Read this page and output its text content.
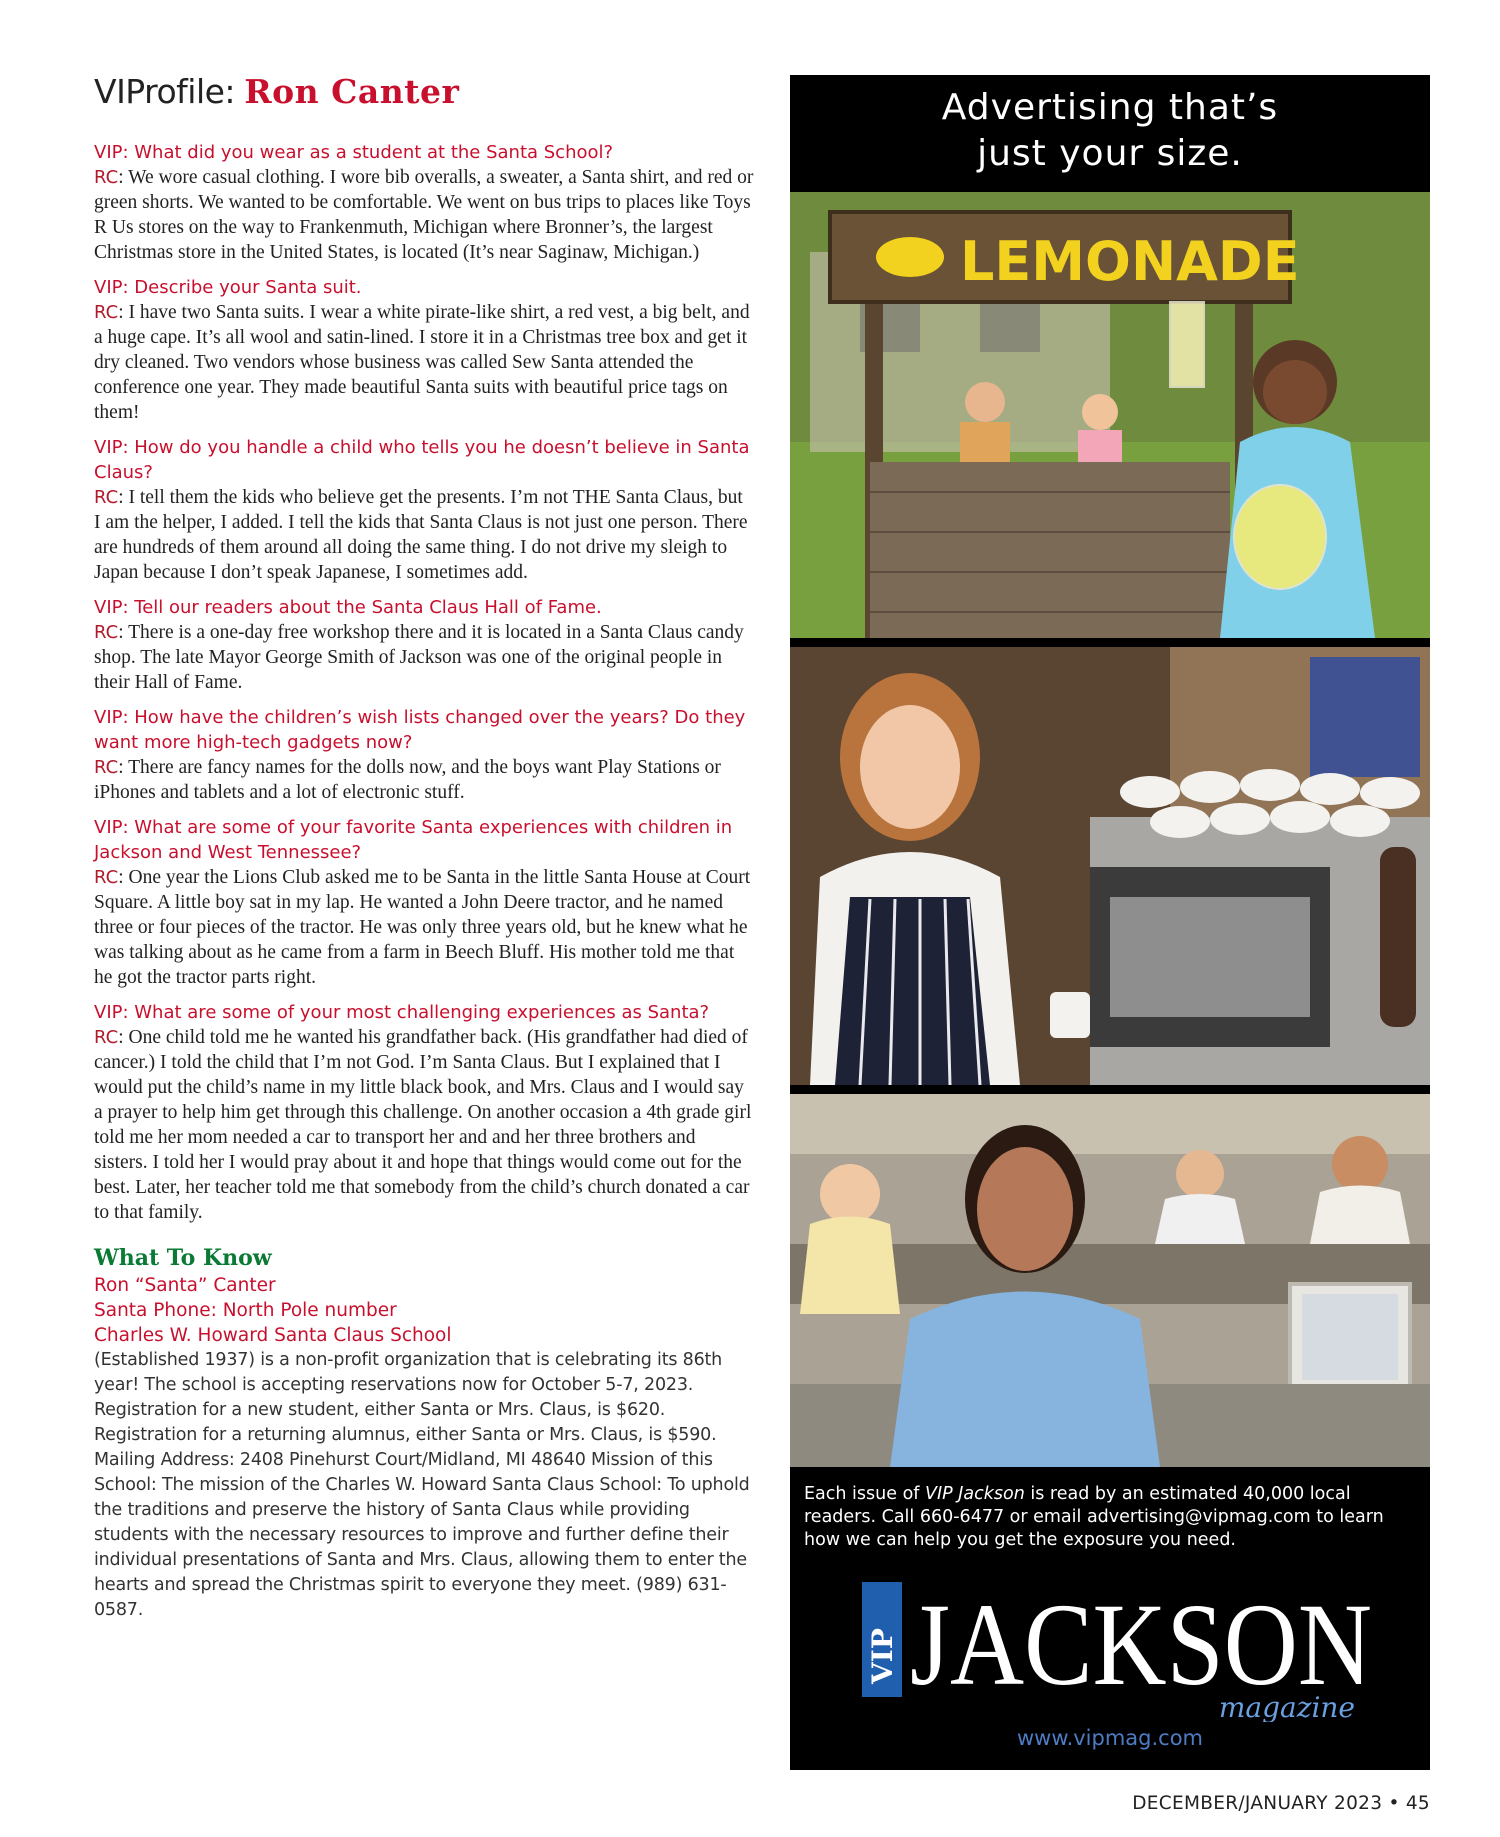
VIProfile: Ron Canter

VIP: What did you wear as a student at the Santa School?

RC: We wore casual clothing. I wore bib overalls, a sweater, a Santa shirt, and red or green shorts. We wanted to be comfortable. We went on bus trips to places like Toys R Us stores on the way to Frankenmuth, Michigan where Bronner’s, the largest Christmas store in the United States, is located (It’s near Saginaw, Michigan.)

VIP: Describe your Santa suit.

RC: I have two Santa suits. I wear a white pirate-like shirt, a red vest, a big belt, and a huge cape. It’s all wool and satin-lined. I store it in a Christmas tree box and get it dry cleaned. Two vendors whose business was called Sew Santa attended the conference one year. They made beautiful Santa suits with beautiful price tags on them!

VIP: How do you handle a child who tells you he doesn’t believe in Santa Claus?

RC: I tell them the kids who believe get the presents. I’m not THE Santa Claus, but I am the helper, I added. I tell the kids that Santa Claus is not just one person. There are hundreds of them around all doing the same thing. I do not drive my sleigh to Japan because I don’t speak Japanese, I sometimes add.

VIP: Tell our readers about the Santa Claus Hall of Fame.

RC: There is a one-day free workshop there and it is located in a Santa Claus candy shop. The late Mayor George Smith of Jackson was one of the original people in their Hall of Fame.

VIP: How have the children’s wish lists changed over the years? Do they want more high-tech gadgets now?

RC: There are fancy names for the dolls now, and the boys want Play Stations or iPhones and tablets and a lot of electronic stuff.

VIP: What are some of your favorite Santa experiences with children in Jackson and West Tennessee?

RC: One year the Lions Club asked me to be Santa in the little Santa House at Court Square. A little boy sat in my lap. He wanted a John Deere tractor, and he named three or four pieces of the tractor. He was only three years old, but he knew what he was talking about as he came from a farm in Beech Bluff. His mother told me that he got the tractor parts right.

VIP: What are some of your most challenging experiences as Santa?

RC: One child told me he wanted his grandfather back. (His grandfather had died of cancer.) I told the child that I’m not God. I’m Santa Claus. But I explained that I would put the child’s name in my little black book, and Mrs. Claus and I would say a prayer to help him get through this challenge. On another occasion a 4th grade girl told me her mom needed a car to transport her and and her three brothers and sisters. I told her I would pray about it and hope that things would come out for the best. Later, her teacher told me that somebody from the child’s church donated a car to that family.

What To Know

Ron “Santa” Canter

Santa Phone: North Pole number

Charles W. Howard Santa Claus School

(Established 1937) is a non-profit organization that is celebrating its 86th year! The school is accepting reservations now for October 5-7, 2023. Registration for a new student, either Santa or Mrs. Claus, is $620. Registration for a returning alumnus, either Santa or Mrs. Claus, is $590. Mailing Address: 2408 Pinehurst Court/Midland, MI 48640 Mission of this School: The mission of the Charles W. Howard Santa Claus School: To uphold the traditions and preserve the history of Santa Claus while providing students with the necessary resources to improve and further define their individual presentations of Santa and Mrs. Claus, allowing them to enter the hearts and spread the Christmas spirit to everyone they meet. (989) 631-0587.

Advertising that’s
just your size.
LEMONADE

Each issue of VIP Jackson is read by an estimated 40,000 local readers. Call 660-6477 or email advertising@vipmag.com to learn how we can help you get the exposure you need.

VIP JACKSON
magazine
www.vipmag.com
DECEMBER/JANUARY 2023 • 45
